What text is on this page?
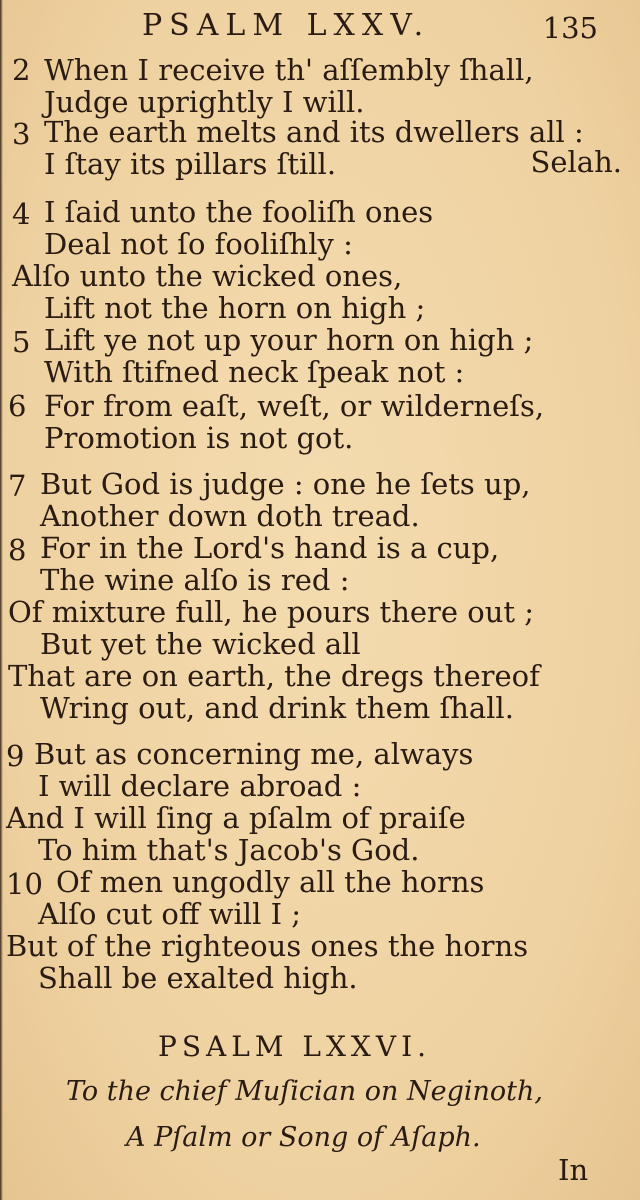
PSALM LXXV.	135
2 When I receive th' aſſembly ſhall,
Judge uprightly I will.
3 The earth melts and its dwellers all :
I ſtay its pillars ſtill.	Selah.
4 I ſaid unto the fooliſh ones
Deal not ſo fooliſhly :
Alſo unto the wicked ones,
Lift not the horn on high ;
5 Lift ye not up your horn on high ;
With ſtifned neck ſpeak not :
6 For from eaſt, weſt, or wilderneſs,
Promotion is not got.
7 But God is judge : one he ſets up,
Another down doth tread.
8 For in the Lord's hand is a cup,
The wine alſo is red :
Of mixture full, he pours there out ;
But yet the wicked all
That are on earth, the dregs thereof
Wring out, and drink them ſhall.
9 But as concerning me, always
I will declare abroad :
And I will ſing a pſalm of praiſe
To him that's Jacob's God.
10 Of men ungodly all the horns
Alſo cut off will I ;
But of the righteous ones the horns
Shall be exalted high.
PSALM LXXVI.
To the chief Muſician on Neginoth,
A Pſalm or Song of Aſaph.
In
